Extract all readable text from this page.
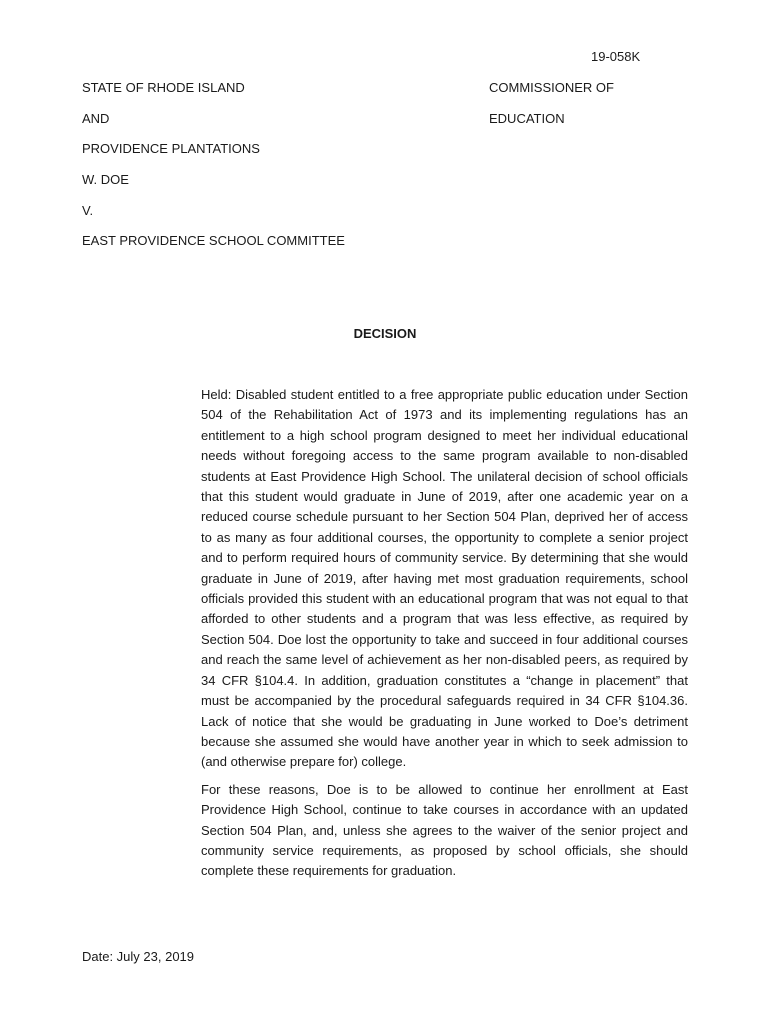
19-058K
STATE OF RHODE ISLAND
AND
PROVIDENCE PLANTATIONS
W. DOE
V.
EAST PROVIDENCE SCHOOL COMMITTEE
COMMISSIONER OF
EDUCATION
DECISION

Held: Disabled student entitled to a free appropriate public education under Section 504 of the Rehabilitation Act of 1973 and its implementing regulations has an entitlement to a high school program designed to meet her individual educational needs without foregoing access to the same program available to non-disabled students at East Providence High School. The unilateral decision of school officials that this student would graduate in June of 2019, after one academic year on a reduced course schedule pursuant to her Section 504 Plan, deprived her of access to as many as four additional courses, the opportunity to complete a senior project and to perform required hours of community service. By determining that she would graduate in June of 2019, after having met most graduation requirements, school officials provided this student with an educational program that was not equal to that afforded to other students and a program that was less effective, as required by Section 504. Doe lost the opportunity to take and succeed in four additional courses and reach the same level of achievement as her non-disabled peers, as required by 34 CFR §104.4. In addition, graduation constitutes a “change in placement” that must be accompanied by the procedural safeguards required in 34 CFR §104.36. Lack of notice that she would be graduating in June worked to Doe’s detriment because she assumed she would have another year in which to seek admission to (and otherwise prepare for) college.

For these reasons, Doe is to be allowed to continue her enrollment at East Providence High School, continue to take courses in accordance with an updated Section 504 Plan, and, unless she agrees to the waiver of the senior project and community service requirements, as proposed by school officials, she should complete these requirements for graduation.

Date: July 23, 2019
